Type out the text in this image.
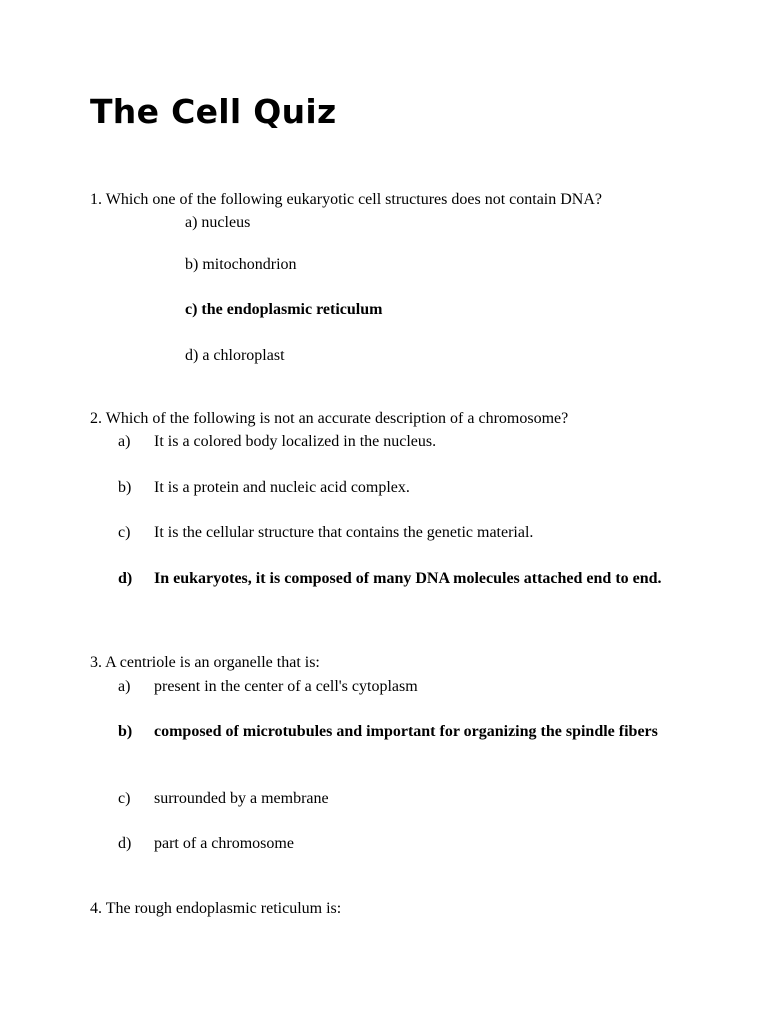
The Cell Quiz
1. Which one of the following eukaryotic cell structures does not contain DNA?
a) nucleus
b) mitochondrion
c) the endoplasmic reticulum
d) a chloroplast
2. Which of the following is not an accurate description of a chromosome?
a) It is a colored body localized in the nucleus.
b) It is a protein and nucleic acid complex.
c) It is the cellular structure that contains the genetic material.
d) In eukaryotes, it is composed of many DNA molecules attached end to end.
3. A centriole is an organelle that is:
a) present in the center of a cell's cytoplasm
b) composed of microtubules and important for organizing the spindle fibers
c) surrounded by a membrane
d) part of a chromosome
4. The rough endoplasmic reticulum is:
